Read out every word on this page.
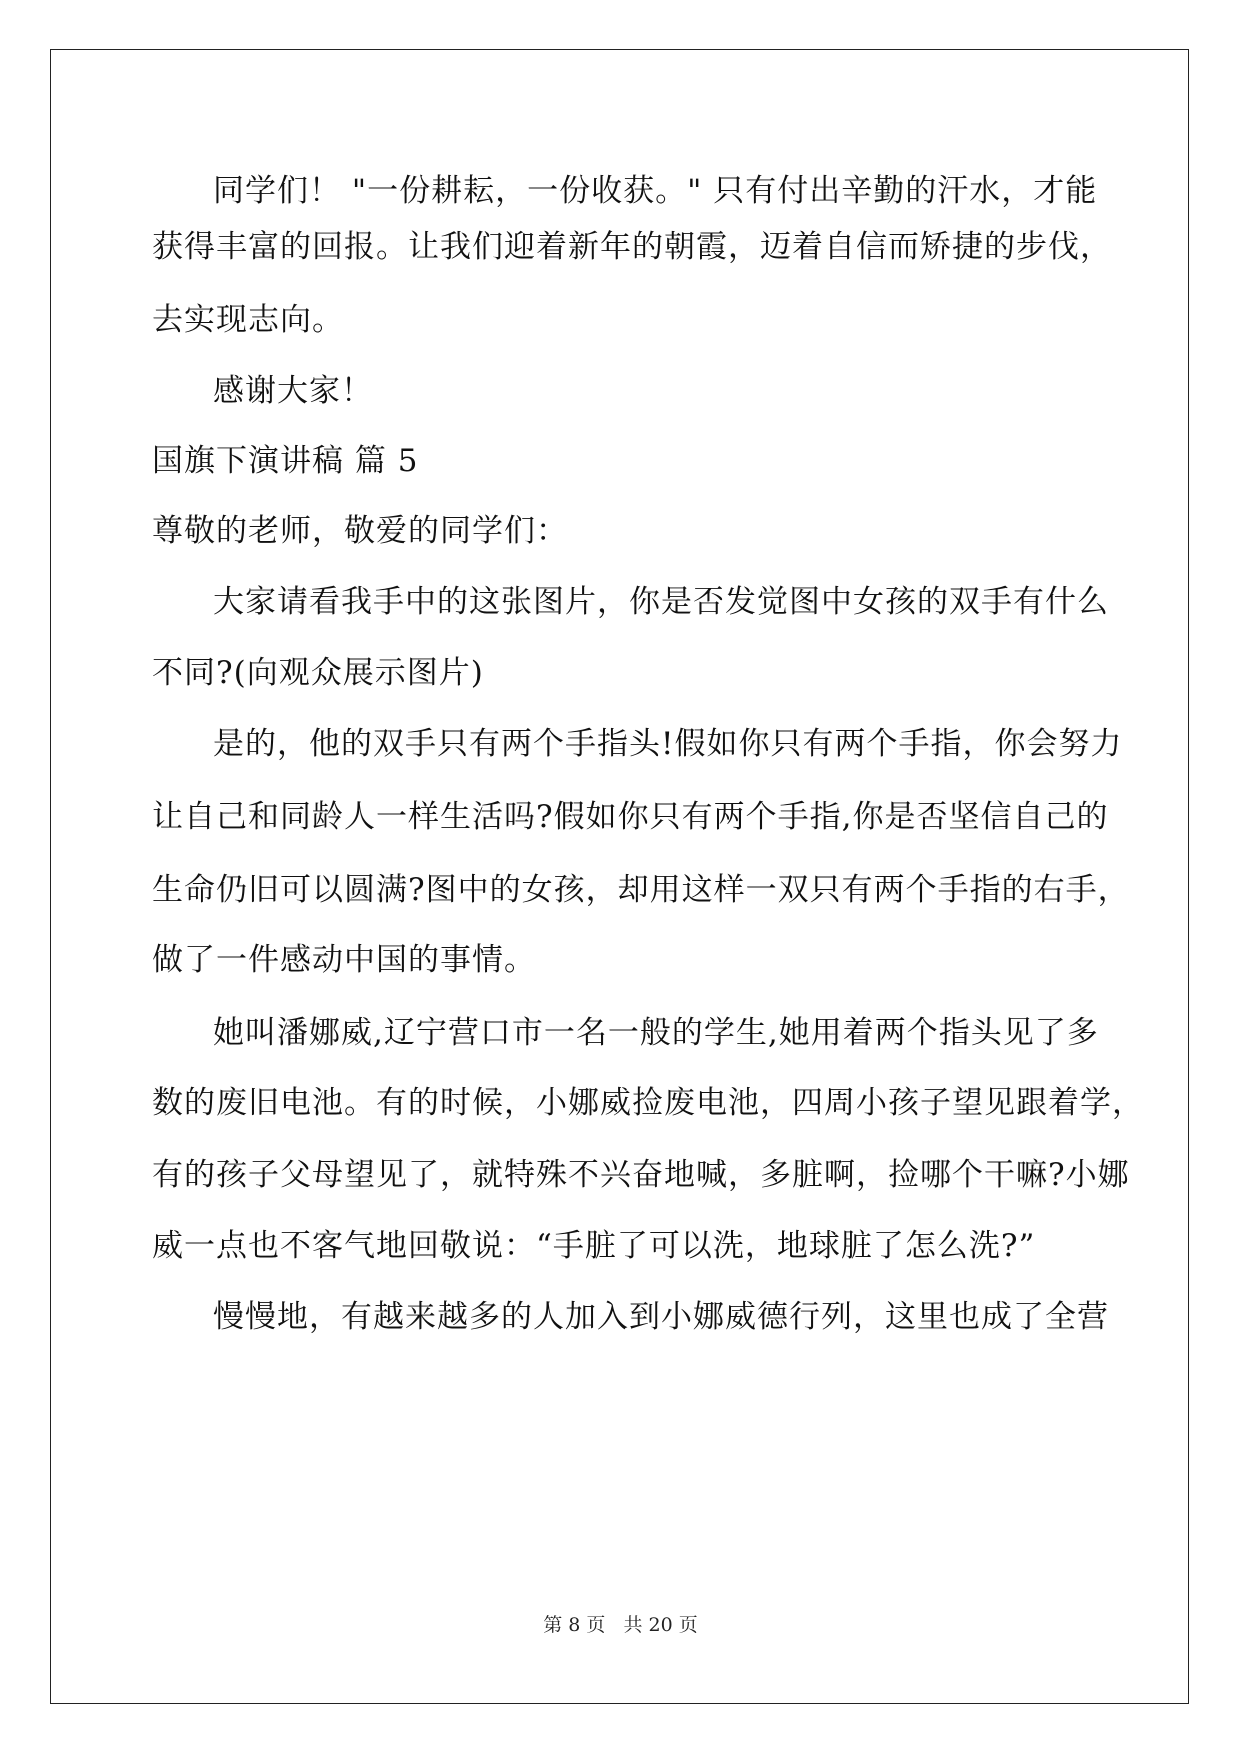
同学们！ "一份耕耘，一份收获。" 只有付出辛勤的汗水，才能
获得丰富的回报。让我们迎着新年的朝霞，迈着自信而矫捷的步伐，
去实现志向。
感谢大家！
国旗下演讲稿 篇 5
尊敬的老师，敬爱的同学们：
大家请看我手中的这张图片，你是否发觉图中女孩的双手有什么
不同?(向观众展示图片)
是的，他的双手只有两个手指头!假如你只有两个手指，你会努力
让自己和同龄人一样生活吗?假如你只有两个手指,你是否坚信自己的
生命仍旧可以圆满?图中的女孩，却用这样一双只有两个手指的右手，
做了一件感动中国的事情。
她叫潘娜威,辽宁营口市一名一般的学生,她用着两个指头见了多
数的废旧电池。有的时候，小娜威捡废电池，四周小孩子望见跟着学，
有的孩子父母望见了，就特殊不兴奋地喊，多脏啊，捡哪个干嘛?小娜
威一点也不客气地回敬说：“手脏了可以洗，地球脏了怎么洗?”
慢慢地，有越来越多的人加入到小娜威德行列，这里也成了全营
第 8 页 共 20 页
